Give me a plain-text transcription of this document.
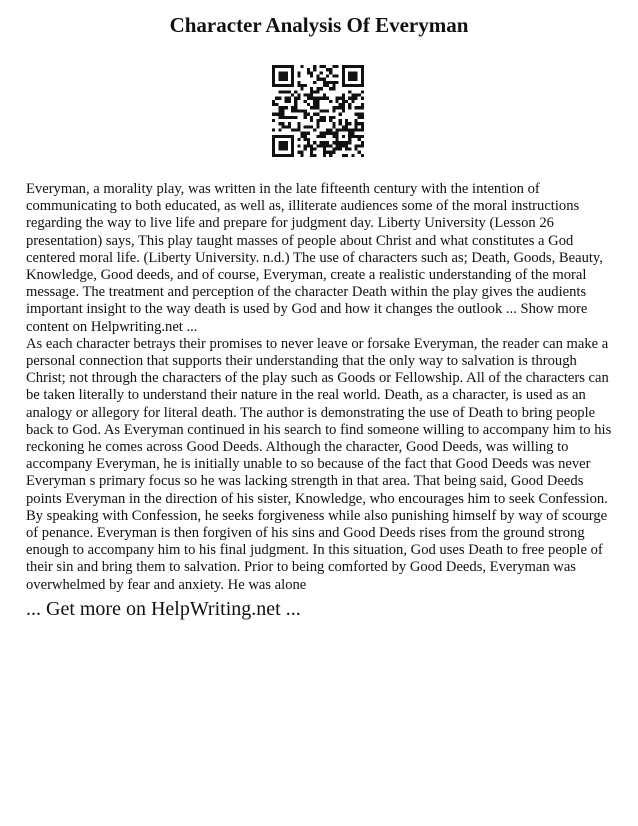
Character Analysis Of Everyman

Everyman, a morality play, was written in the late fifteenth century with the intention of communicating to both educated, as well as, illiterate audiences some of the moral instructions regarding the way to live life and prepare for judgment day. Liberty University (Lesson 26 presentation) says, This play taught masses of people about Christ and what constitutes a God centered moral life. (Liberty University. n.d.) The use of characters such as; Death, Goods, Beauty, Knowledge, Good deeds, and of course, Everyman, create a realistic understanding of the moral message. The treatment and perception of the character Death within the play gives the audients important insight to the way death is used by God and how it changes the outlook ... Show more content on Helpwriting.net ...

As each character betrays their promises to never leave or forsake Everyman, the reader can make a personal connection that supports their understanding that the only way to salvation is through Christ; not through the characters of the play such as Goods or Fellowship. All of the characters can be taken literally to understand their nature in the real world. Death, as a character, is used as an analogy or allegory for literal death. The author is demonstrating the use of Death to bring people back to God. As Everyman continued in his search to find someone willing to accompany him to his reckoning he comes across Good Deeds. Although the character, Good Deeds, was willing to accompany Everyman, he is initially unable to so because of the fact that Good Deeds was never Everyman s primary focus so he was lacking strength in that area. That being said, Good Deeds points Everyman in the direction of his sister, Knowledge, who encourages him to seek Confession. By speaking with Confession, he seeks forgiveness while also punishing himself by way of scourge of penance. Everyman is then forgiven of his sins and Good Deeds rises from the ground strong enough to accompany him to his final judgment. In this situation, God uses Death to free people of their sin and bring them to salvation. Prior to being comforted by Good Deeds, Everyman was overwhelmed by fear and anxiety. He was alone

... Get more on HelpWriting.net ...
